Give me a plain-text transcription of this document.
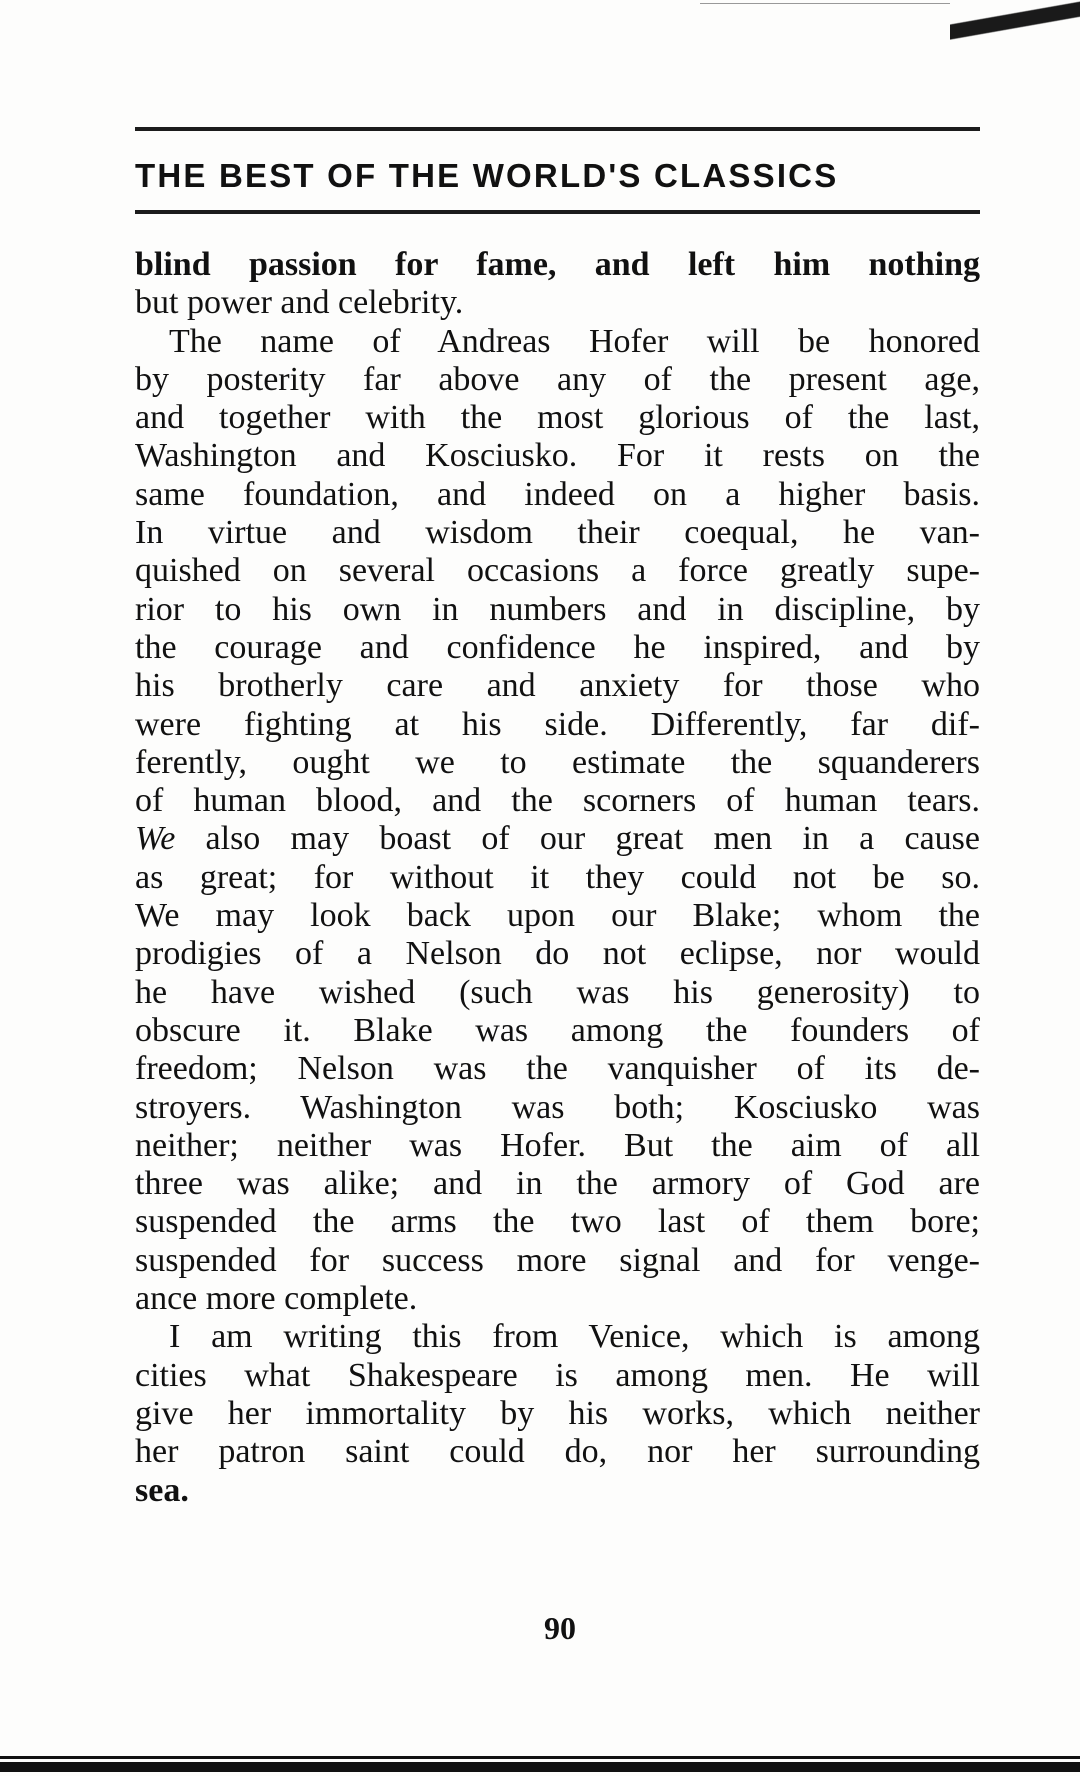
THE BEST OF THE WORLD'S CLASSICS
blind passion for fame, and left him nothing
but power and celebrity.
The name of Andreas Hofer will be honored
by posterity far above any of the present age,
and together with the most glorious of the last,
Washington and Kosciusko. For it rests on the
same foundation, and indeed on a higher basis.
In virtue and wisdom their coequal, he van-
quished on several occasions a force greatly supe-
rior to his own in numbers and in discipline, by
the courage and confidence he inspired, and by
his brotherly care and anxiety for those who
were fighting at his side. Differently, far dif-
ferently, ought we to estimate the squanderers
of human blood, and the scorners of human tears.
We also may boast of our great men in a cause
as great; for without it they could not be so.
We may look back upon our Blake; whom the
prodigies of a Nelson do not eclipse, nor would
he have wished (such was his generosity) to
obscure it. Blake was among the founders of
freedom; Nelson was the vanquisher of its de-
stroyers. Washington was both; Kosciusko was
neither; neither was Hofer. But the aim of all
three was alike; and in the armory of God are
suspended the arms the two last of them bore;
suspended for success more signal and for venge-
ance more complete.
I am writing this from Venice, which is among
cities what Shakespeare is among men. He will
give her immortality by his works, which neither
her patron saint could do, nor her surrounding
sea.
90
